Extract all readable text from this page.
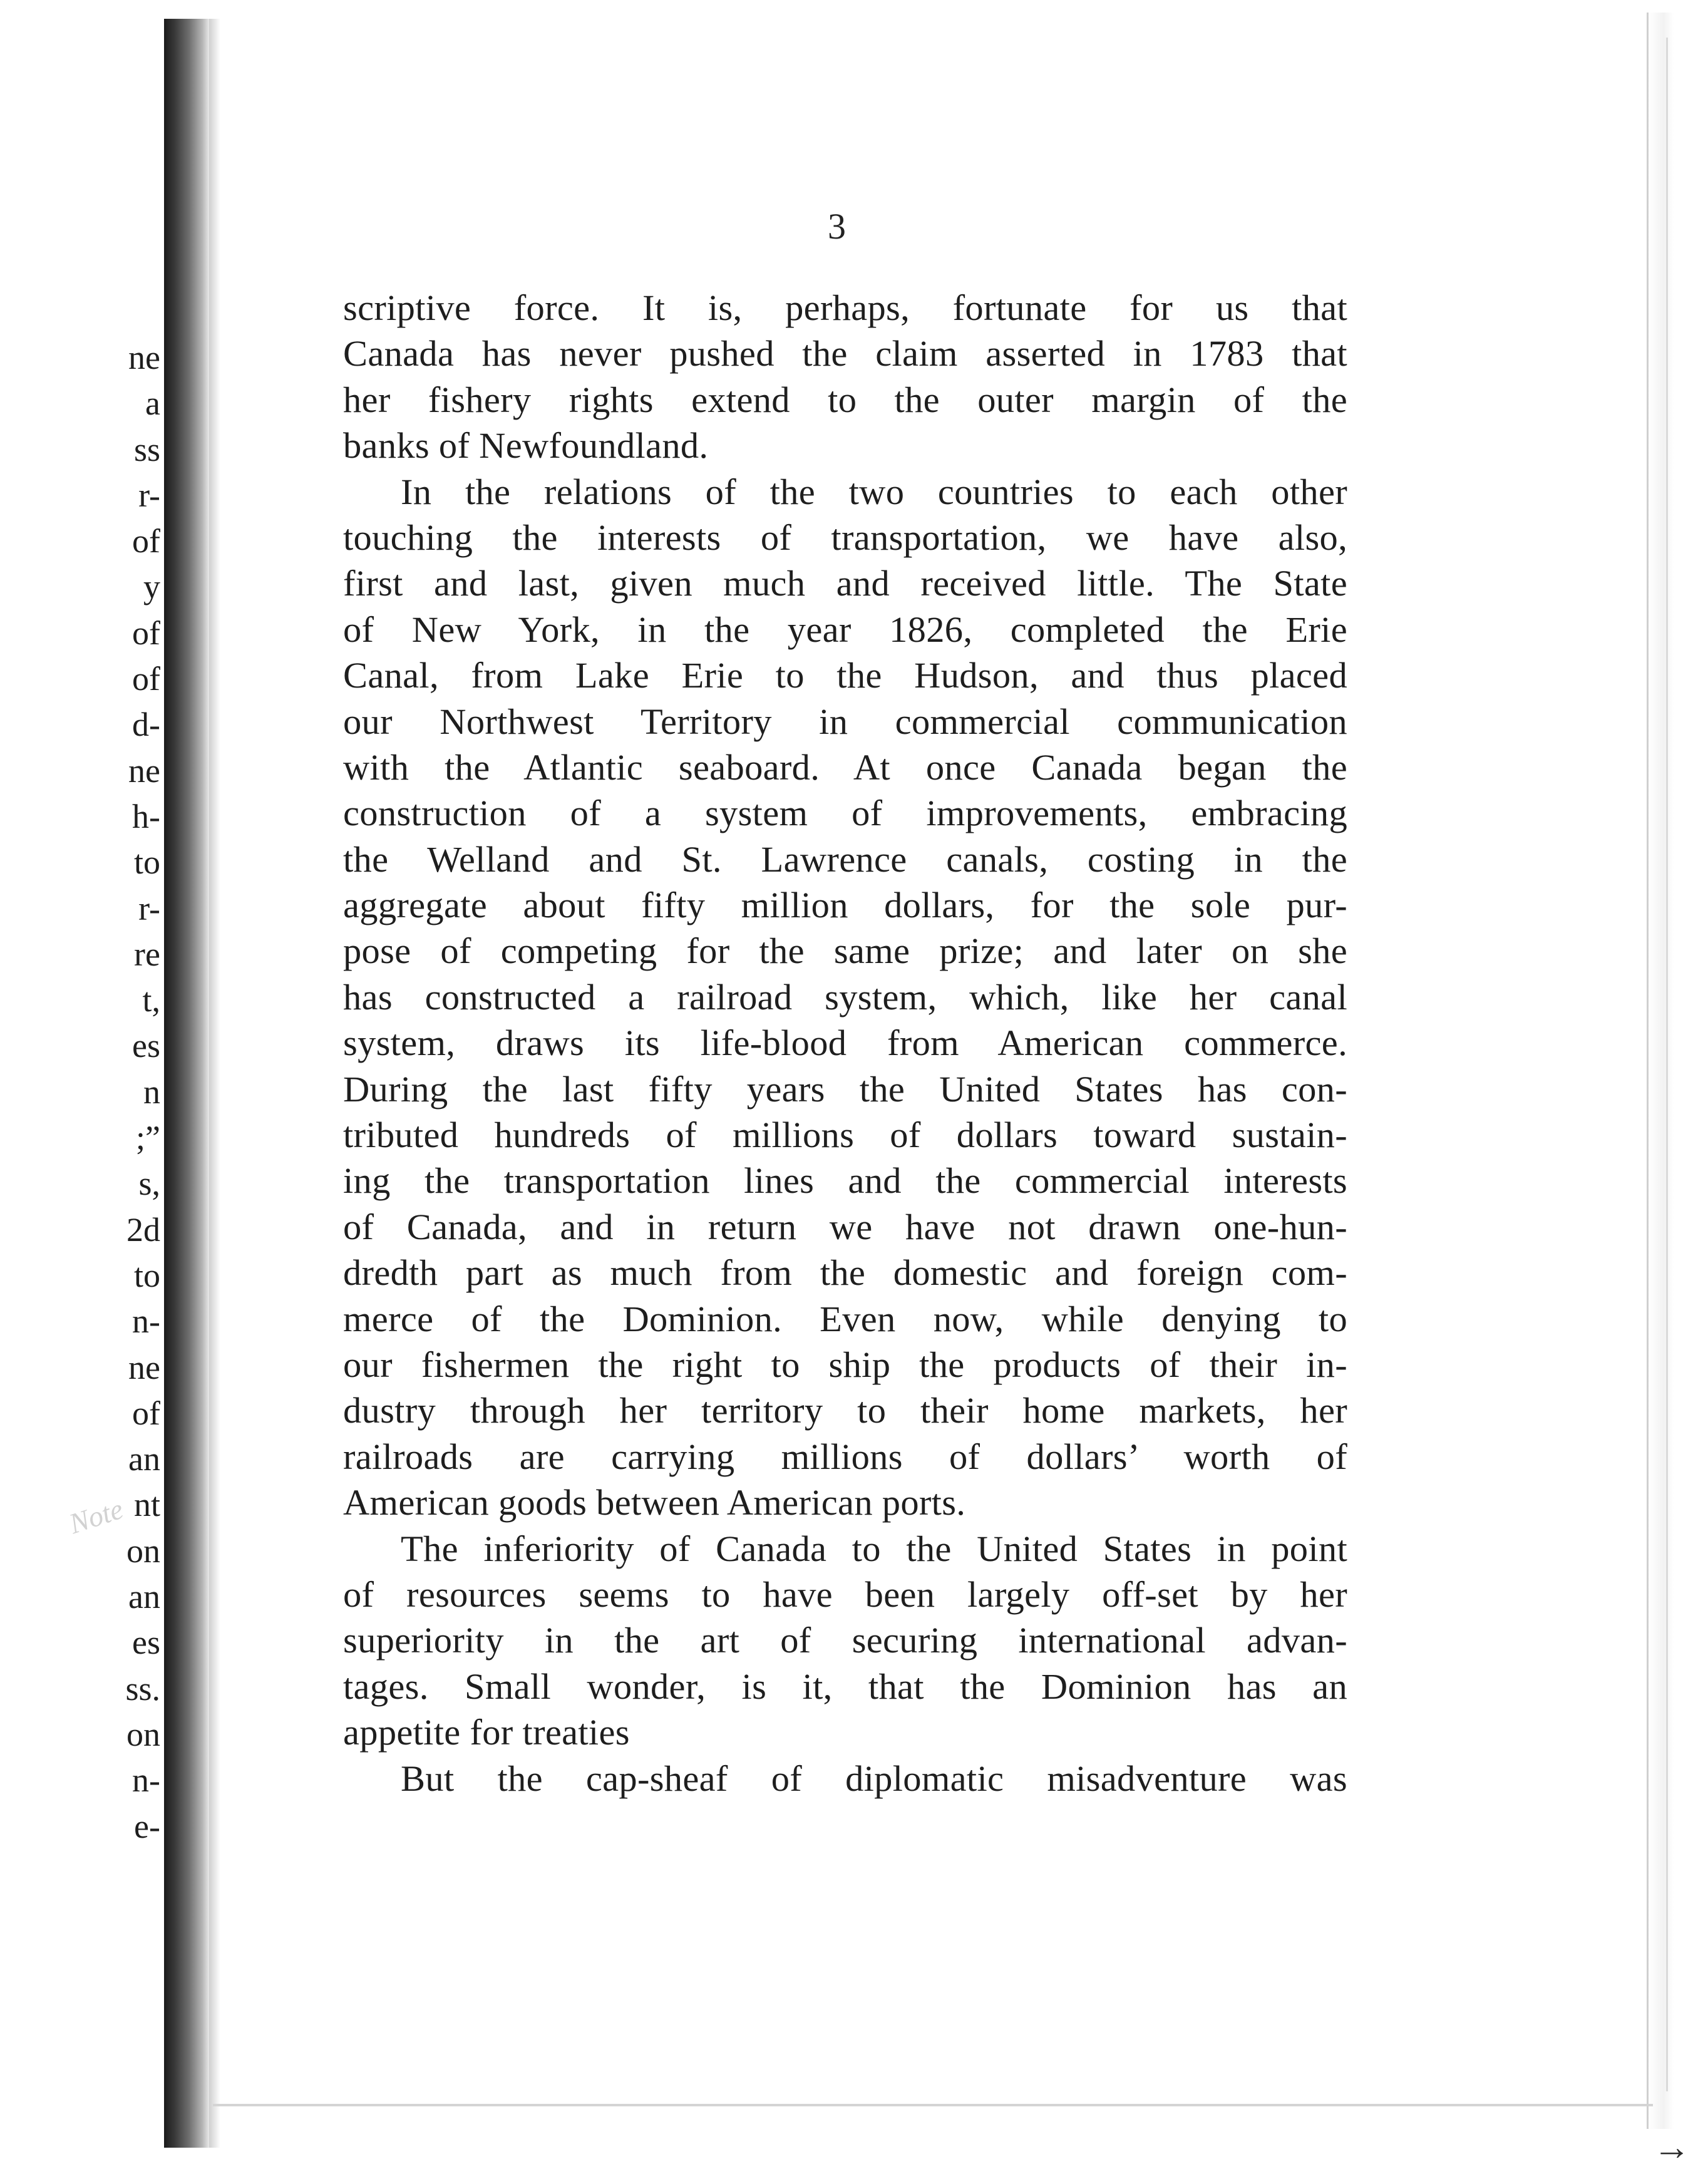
ne
a
ss
r-
of
y
of
of
d-
ne
h-
to
r-
re
t,
es
n
;”
s,
2d
to
n-
ne
of
an
nt
on
an
es
ss.
on
n-
e-
Note
→
3
scriptive force. It is, perhaps, fortunate for us that
Canada has never pushed the claim asserted in 1783 that
her fishery rights extend to the outer margin of the
banks of Newfoundland.
In the relations of the two countries to each other
touching the interests of transportation, we have also,
first and last, given much and received little. The State
of New York, in the year 1826, completed the Erie
Canal, from Lake Erie to the Hudson, and thus placed
our Northwest Territory in commercial communication
with the Atlantic seaboard. At once Canada began the
construction of a system of improvements, embracing
the Welland and St. Lawrence canals, costing in the
aggregate about fifty million dollars, for the sole pur-
pose of competing for the same prize; and later on she
has constructed a railroad system, which, like her canal
system, draws its life-blood from American commerce.
During the last fifty years the United States has con-
tributed hundreds of millions of dollars toward sustain-
ing the transportation lines and the commercial interests
of Canada, and in return we have not drawn one-hun-
dredth part as much from the domestic and foreign com-
merce of the Dominion. Even now, while denying to
our fishermen the right to ship the products of their in-
dustry through her territory to their home markets, her
railroads are carrying millions of dollars’ worth of
American goods between American ports.
The inferiority of Canada to the United States in point
of resources seems to have been largely off-set by her
superiority in the art of securing international advan-
tages. Small wonder, is it, that the Dominion has an
appetite for treaties
But the cap-sheaf of diplomatic misadventure was
